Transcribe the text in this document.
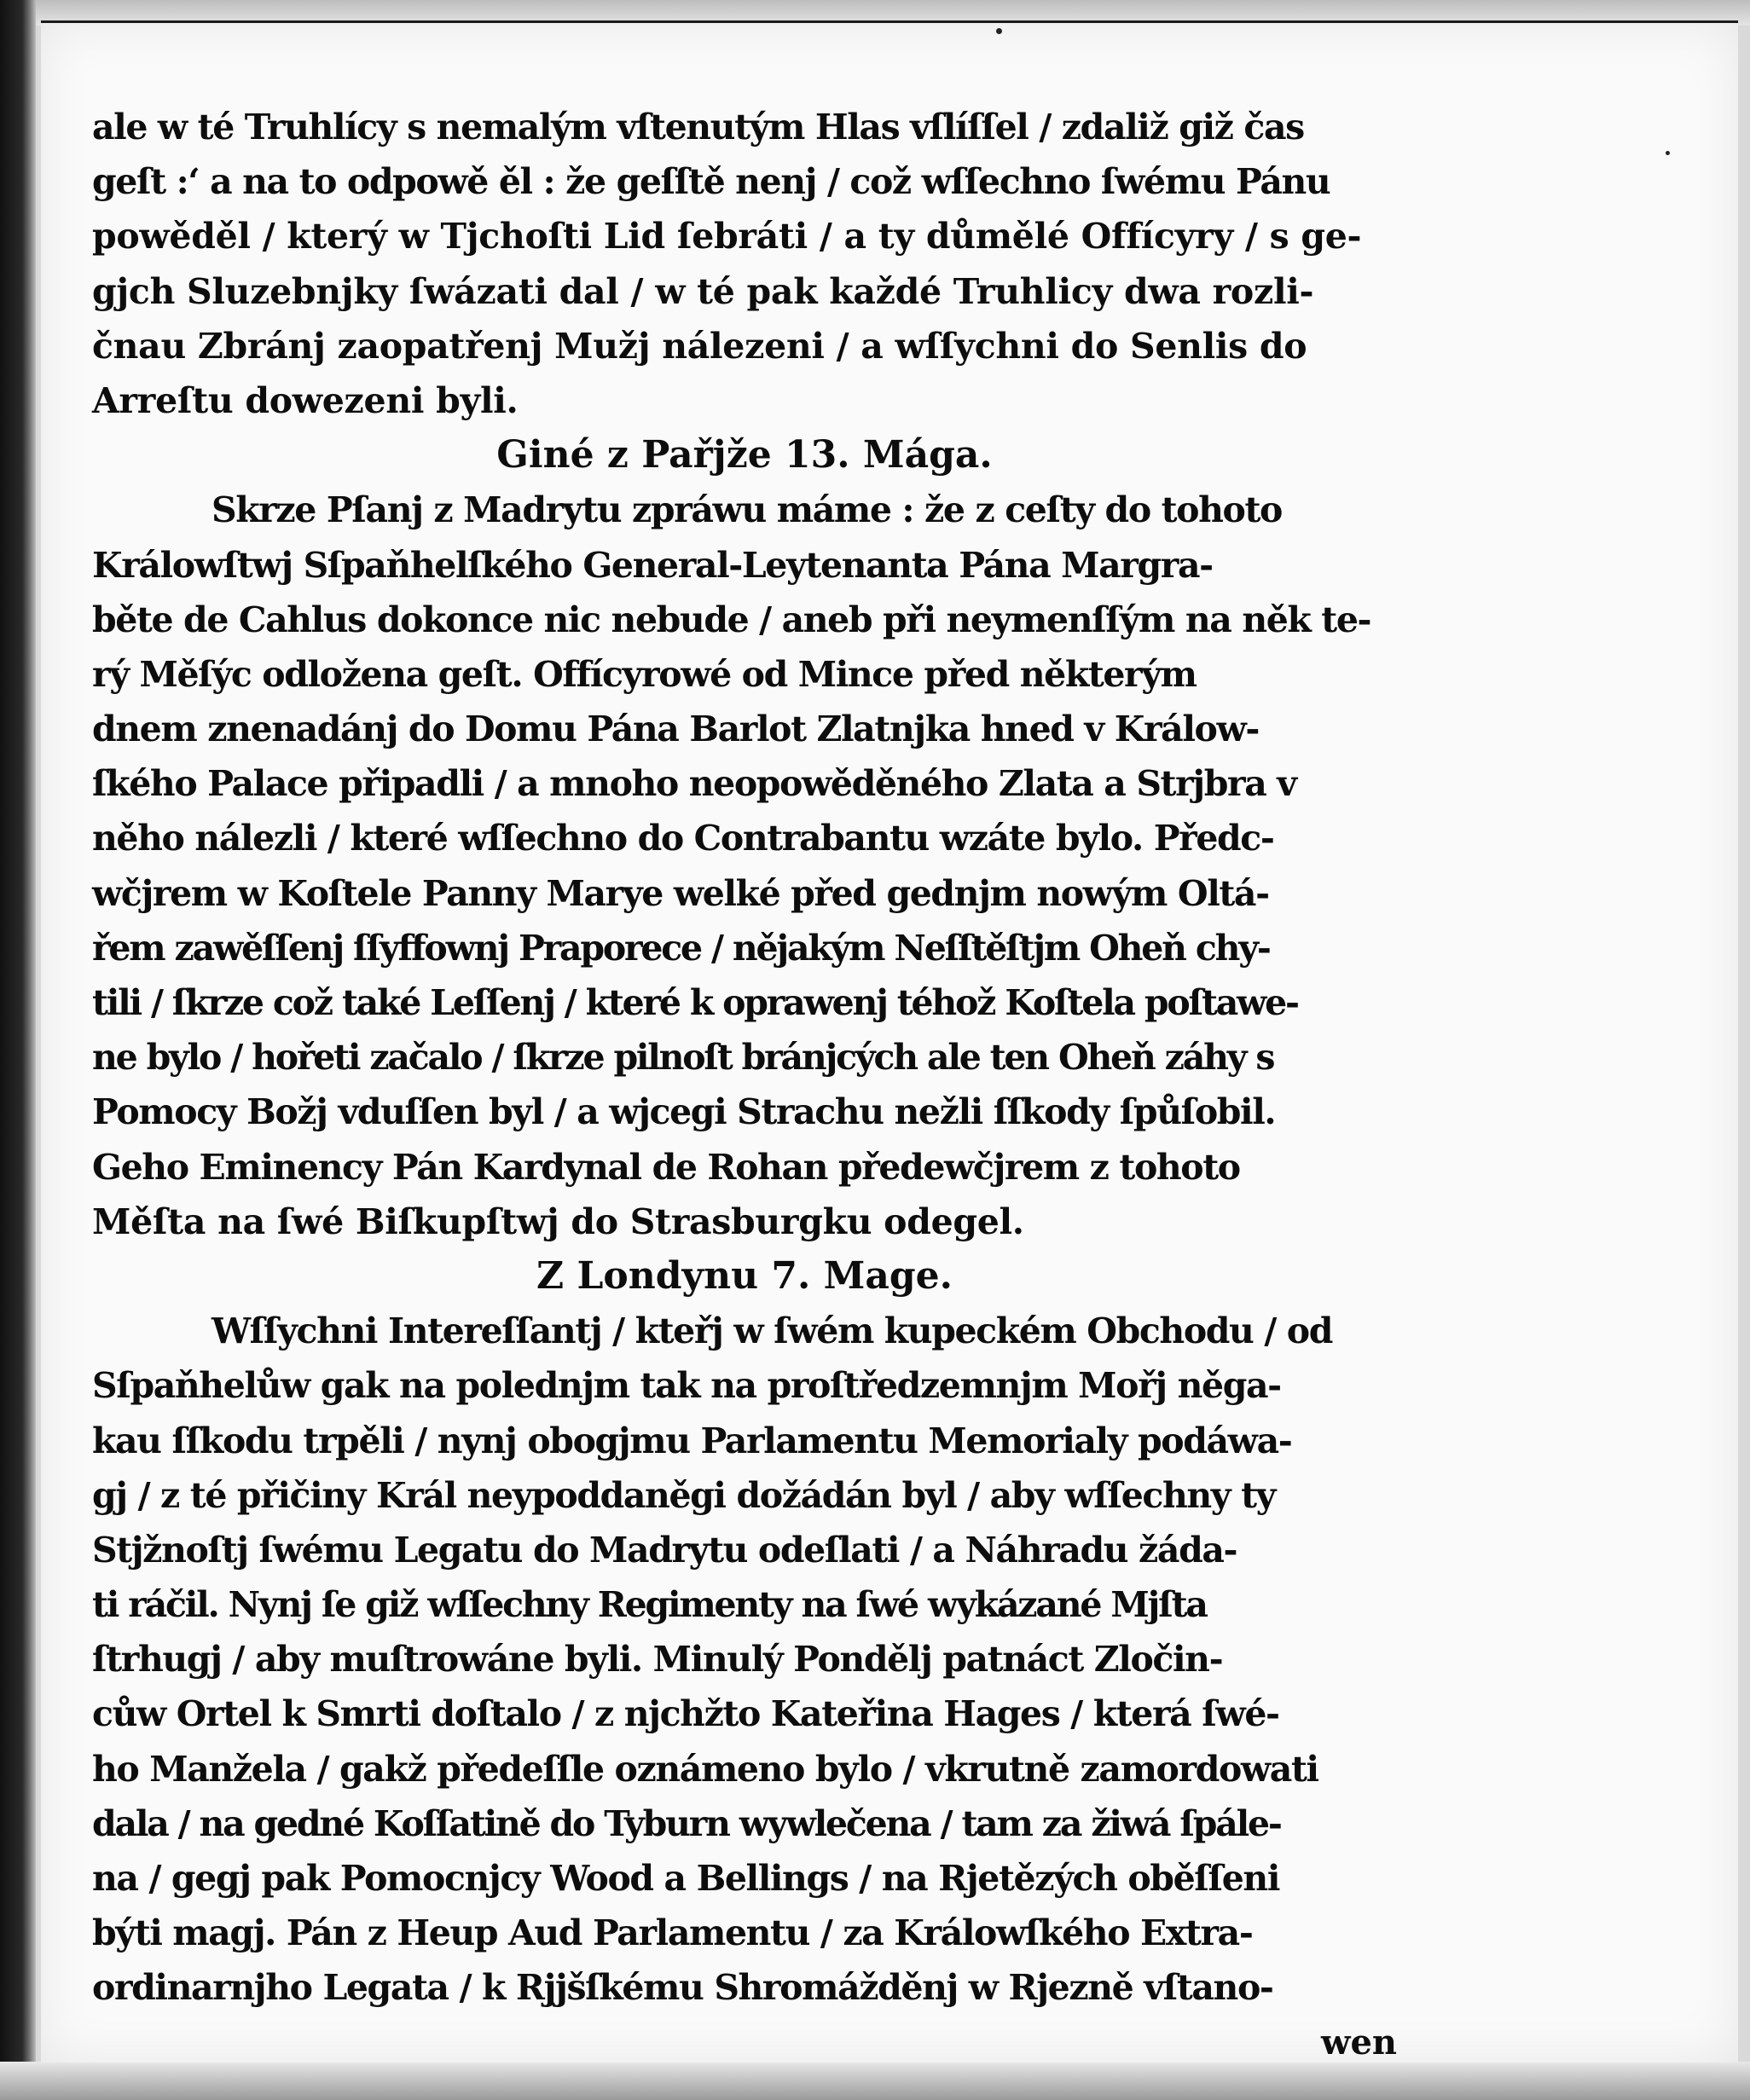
ale w té Truhlícy s nemalým vſtenutým Hlas vſlíſſel / zdaliž giž čas
geſt :‘ a na to odpowě ěl : že geſſtě nenj / což wſſechno ſwému Pánu
powěděl / který w Tjchoſti Lid ſebráti / a ty důmělé Offícyry / s ge-
gjch Sluzebnjky ſwázati dal / w té pak každé Truhlicy dwa rozli-
čnau Zbránj zaopatřenj Mužj nálezeni / a wſſychni do Senlis do
Arreſtu dowezeni byli.
Giné z Pařjže 13. Mága.
Skrze Pſanj z Madrytu zpráwu máme : že z ceſty do tohoto
Králowſtwj Sſpaňhelſkého General-Leytenanta Pána Margra-
běte de Cahlus dokonce nic nebude / aneb při neymenſſým na něk te-
rý Měſýc odložena geſt. Offícyrowé od Mince před některým
dnem znenadánj do Domu Pána Barlot Zlatnjka hned v Králow-
ſkého Palace připadli / a mnoho neopowěděného Zlata a Strjbra v
něho nálezli / které wſſechno do Contrabantu wzáte bylo. Předc-
wčjrem w Koſtele Panny Marye welké před gednjm nowým Oltá-
řem zawěſſenj ſſyffownj Praporece / nějakým Neſſtěſtjm Oheň chy-
tili / ſkrze což také Leſſenj / které k oprawenj téhož Koſtela poſtawe-
ne bylo / hořeti začalo / ſkrze pilnoſt bránjcých ale ten Oheň záhy s
Pomocy Božj vduſſen byl / a wjcegi Strachu nežli ſſkody ſpůſobil.
Geho Eminency Pán Kardynal de Rohan předewčjrem z tohoto
Měſta na ſwé Biſkupſtwj do Strasburgku odegel.
Z Londynu 7. Mage.
Wſſychni Intereſſantj / kteřj w ſwém kupeckém Obchodu / od
Sſpaňhelůw gak na polednjm tak na proſtředzemnjm Mořj něga-
kau ſſkodu trpěli / nynj obogjmu Parlamentu Memorialy podáwa-
gj / z té přičiny Král neypoddaněgi dožádán byl / aby wſſechny ty
Stjžnoſtj ſwému Legatu do Madrytu odeſlati / a Náhradu žáda-
ti ráčil. Nynj ſe giž wſſechny Regimenty na ſwé wykázané Mjſta
ſtrhugj / aby muſtrowáne byli. Minulý Pondělj patnáct Zločin-
cůw Ortel k Smrti doſtalo / z njchžto Kateřina Hages / která ſwé-
ho Manžela / gakž předeſſle oznámeno bylo / vkrutně zamordowati
dala / na gedné Koſſatině do Tyburn wywlečena / tam za žiwá ſpále-
na / gegj pak Pomocnjcy Wood a Bellings / na Rjetězých oběſſeni
býti magj. Pán z Heup Aud Parlamentu / za Králowſkého Extra-
ordinarnjho Legata / k Rjjšſkému Shromážděnj w Rjezně vſtano-
wen
